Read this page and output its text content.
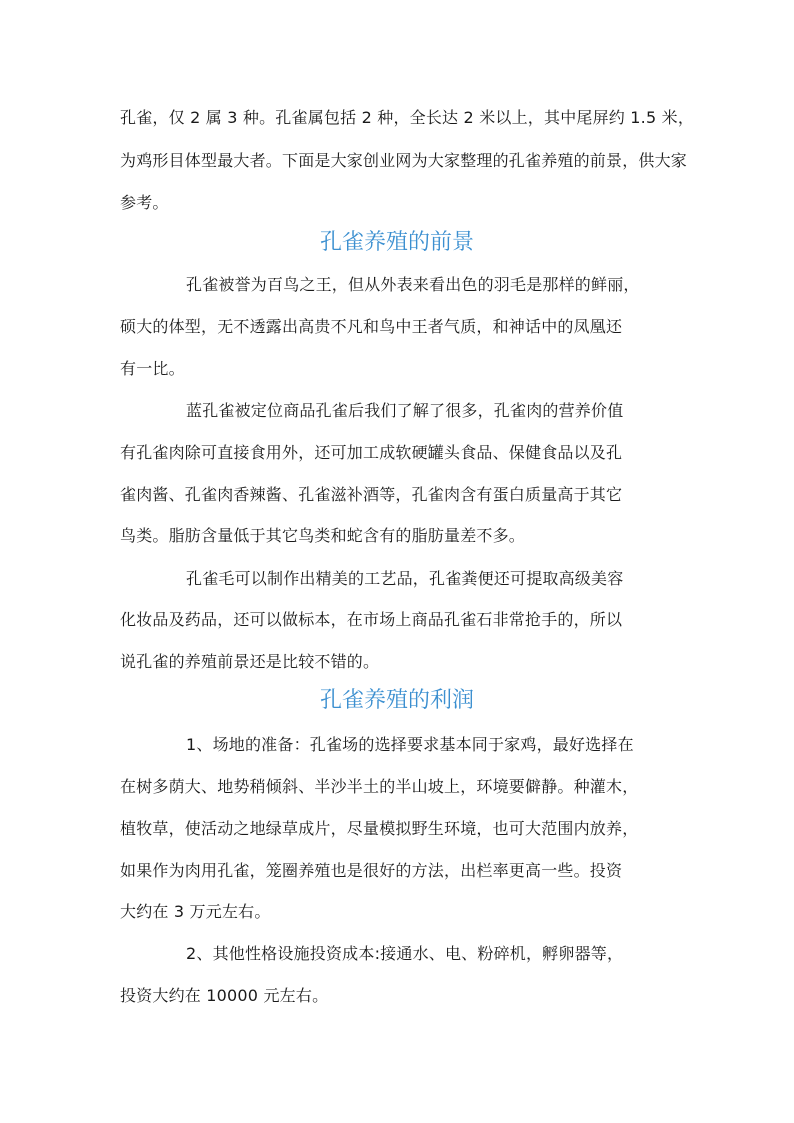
孔雀，仅 2 属 3 种。孔雀属包括 2 种，全长达 2 米以上，其中尾屏约 1.5 米，
为鸡形目体型最大者。下面是大家创业网为大家整理的孔雀养殖的前景，供大家
参考。
孔雀养殖的前景
孔雀被誉为百鸟之王，但从外表来看出色的羽毛是那样的鲜丽，
硕大的体型，无不透露出高贵不凡和鸟中王者气质，和神话中的凤凰还
有一比。
蓝孔雀被定位商品孔雀后我们了解了很多，孔雀肉的营养价值
有孔雀肉除可直接食用外，还可加工成软硬罐头食品、保健食品以及孔
雀肉酱、孔雀肉香辣酱、孔雀滋补酒等，孔雀肉含有蛋白质量高于其它
鸟类。脂肪含量低于其它鸟类和蛇含有的脂肪量差不多。
孔雀毛可以制作出精美的工艺品，孔雀粪便还可提取高级美容
化妆品及药品，还可以做标本，在市场上商品孔雀石非常抢手的，所以
说孔雀的养殖前景还是比较不错的。
孔雀养殖的利润
1、场地的准备：孔雀场的选择要求基本同于家鸡，最好选择在
在树多荫大、地势稍倾斜、半沙半土的半山坡上，环境要僻静。种灌木，
植牧草，使活动之地绿草成片，尽量模拟野生环境，也可大范围内放养，
如果作为肉用孔雀，笼圈养殖也是很好的方法，出栏率更高一些。投资
大约在 3 万元左右。
2、其他性格设施投资成本:接通水、电、粉碎机，孵卵器等，
投资大约在 10000 元左右。
